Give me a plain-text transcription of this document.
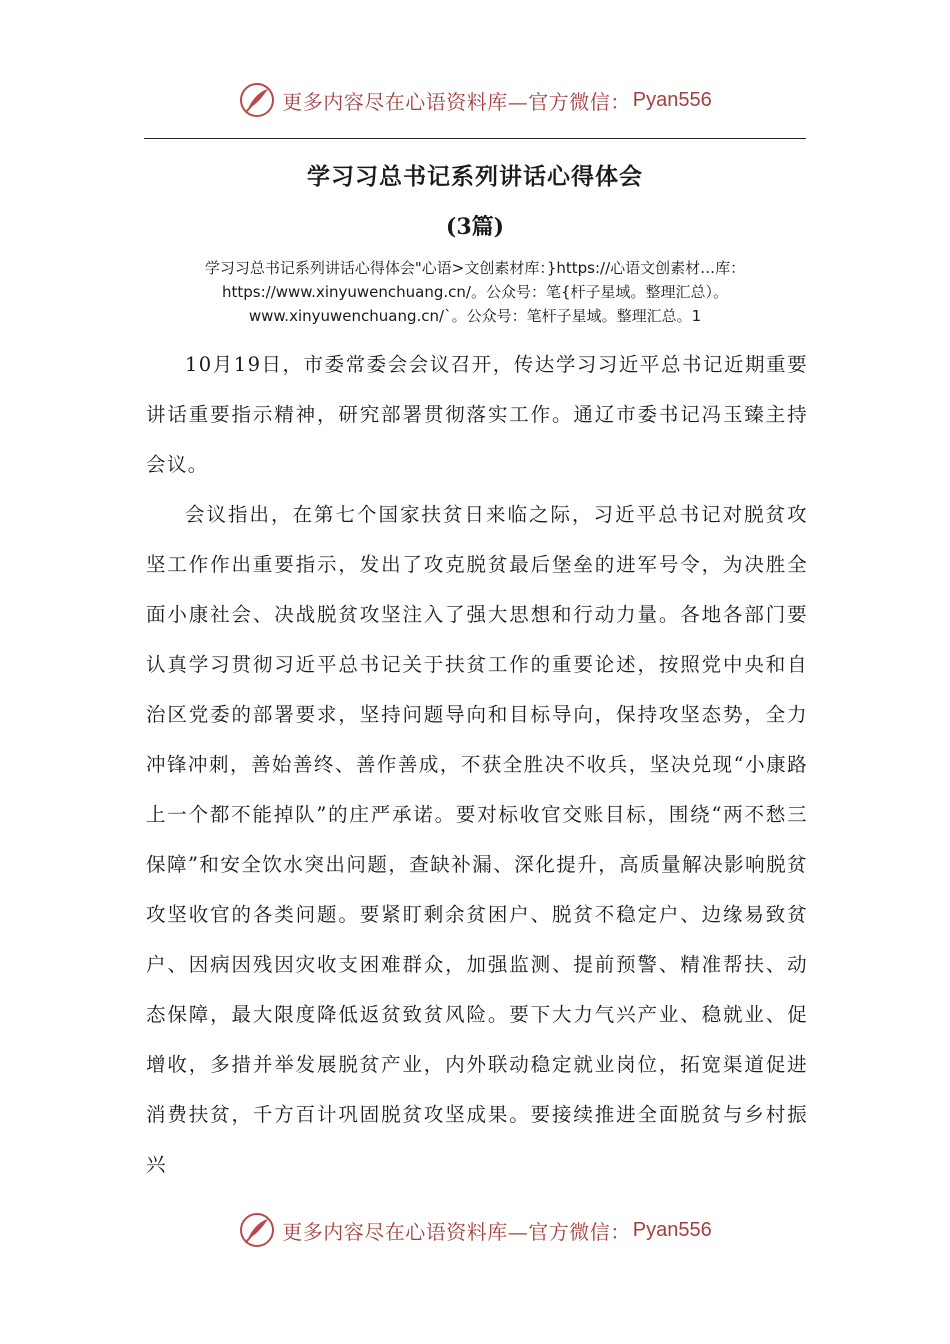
更多内容尽在心语资料库—官方微信： Pyan556
学习习总书记系列讲话心得体会
(3篇)
学习习总书记系列讲话心得体会"心语>文创素材库：}https://心语文创素材…库：
https://www.xinyuwenchuang.cn/。公众号：笔{杆子星域。整理汇总）。
www.xinyuwenchuang.cn/`。公众号：笔杆子星域。整理汇总。1

10月19日，市委常委会会议召开，传达学习习近平总书记近期重要讲话重要指示精神，研究部署贯彻落实工作。通辽市委书记冯玉臻主持会议。

会议指出，在第七个国家扶贫日来临之际，习近平总书记对脱贫攻坚工作作出重要指示，发出了攻克脱贫最后堡垒的进军号令，为决胜全面小康社会、决战脱贫攻坚注入了强大思想和行动力量。各地各部门要认真学习贯彻习近平总书记关于扶贫工作的重要论述，按照党中央和自治区党委的部署要求，坚持问题导向和目标导向，保持攻坚态势，全力冲锋冲刺，善始善终、善作善成，不获全胜决不收兵，坚决兑现“小康路上一个都不能掉队”的庄严承诺。要对标收官交账目标，围绕“两不愁三保障”和安全饮水突出问题，查缺补漏、深化提升，高质量解决影响脱贫攻坚收官的各类问题。要紧盯剩余贫困户、脱贫不稳定户、边缘易致贫户、因病因残因灾收支困难群众，加强监测、提前预警、精准帮扶、动态保障，最大限度降低返贫致贫风险。要下大力气兴产业、稳就业、促增收，多措并举发展脱贫产业，内外联动稳定就业岗位，拓宽渠道促进消费扶贫，千方百计巩固脱贫攻坚成果。要接续推进全面脱贫与乡村振兴

更多内容尽在心语资料库—官方微信： Pyan556
